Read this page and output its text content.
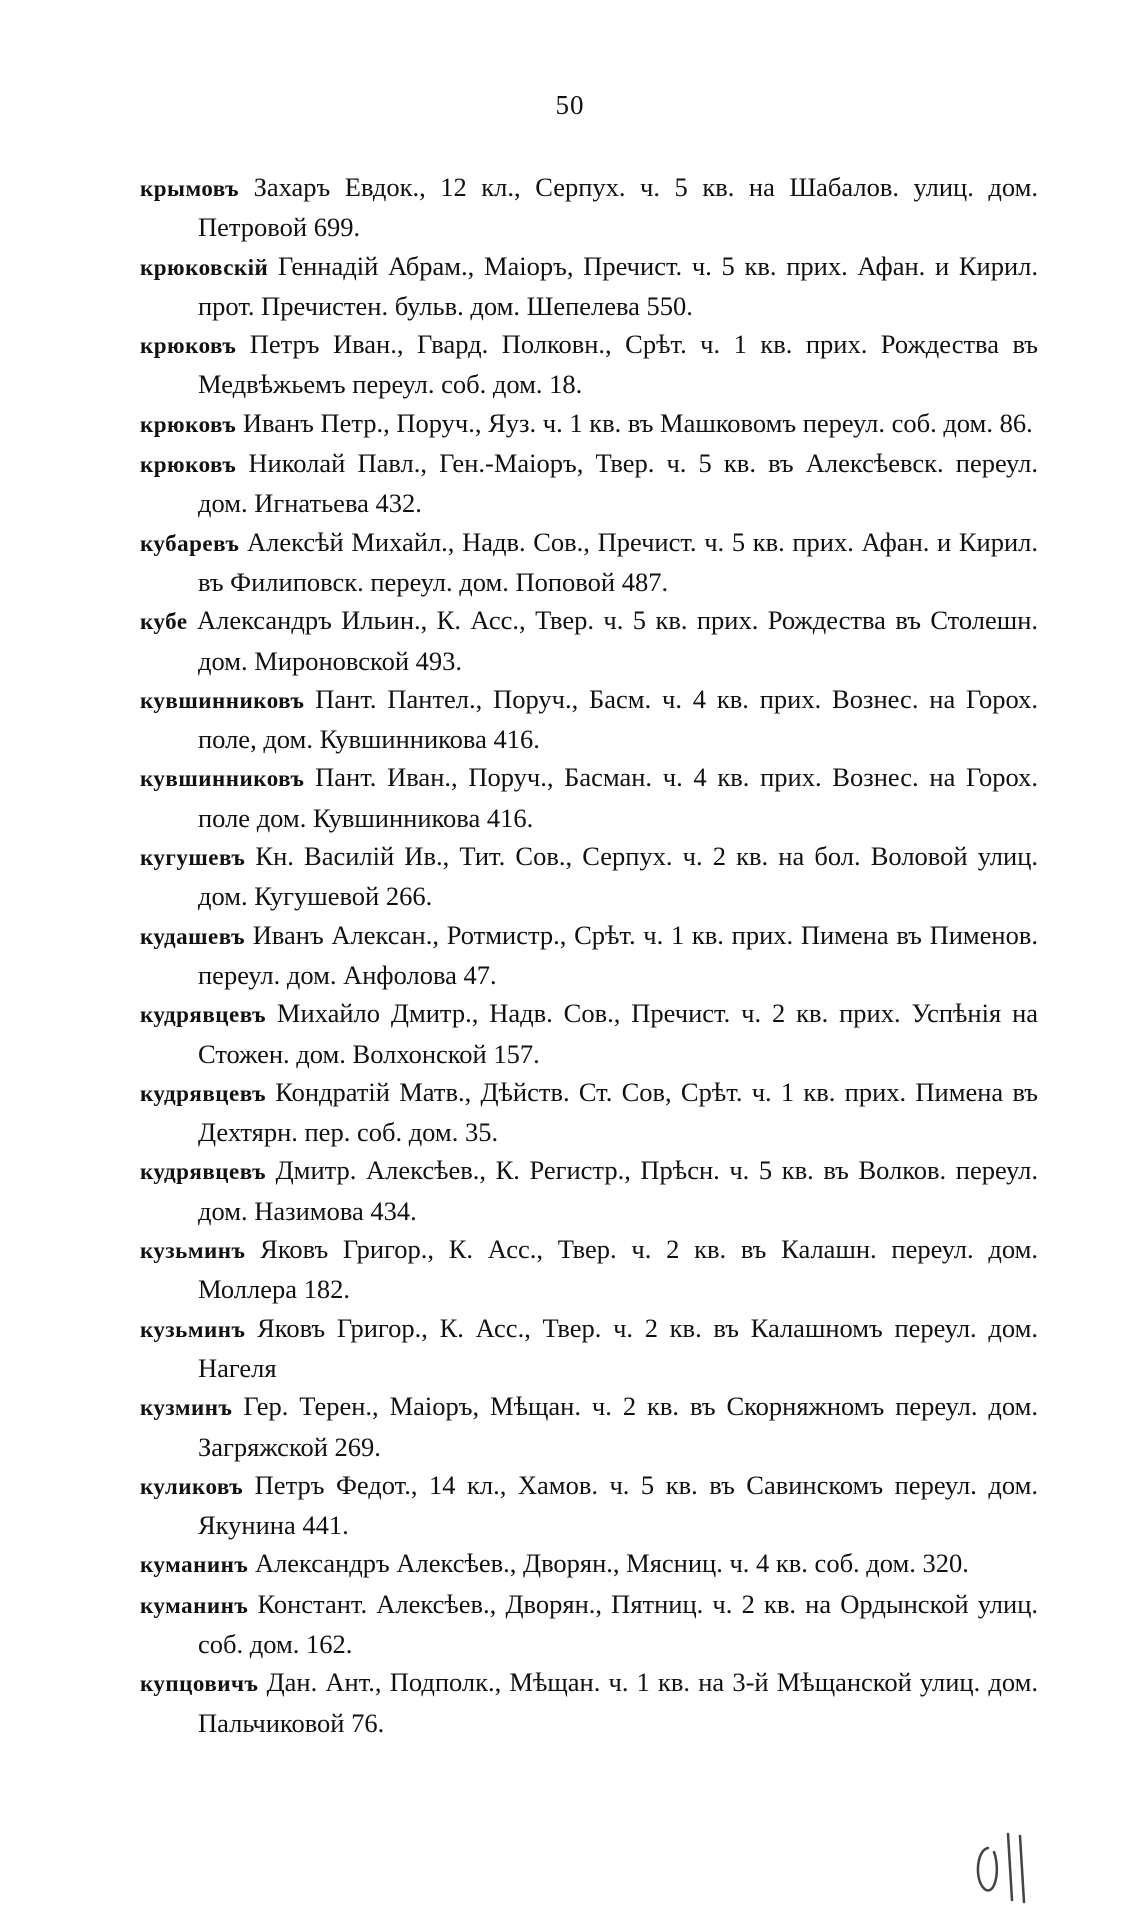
50
крымовъ Захаръ Евдок., 12 кл., Серпух. ч. 5 кв. на Шабалов. улиц. дом. Петровой 699.
крюковскій Геннадій Абрам., Маіоръ, Пречист. ч. 5 кв. прих. Афан. и Кирил. прот. Пречистен. бульв. дом. Шепелева 550.
крюковъ Петръ Иван., Гвард. Полковн., Срѣт. ч. 1 кв. прих. Рождества въ Медвѣжьемъ переул. соб. дом. 18.
крюковъ Иванъ Петр., Поруч., Яуз. ч. 1 кв. въ Машковомъ переул. соб. дом. 86.
крюковъ Николай Павл., Ген.-Маіоръ, Твер. ч. 5 кв. въ Алексѣевск. переул. дом. Игнатьева 432.
кубаревъ Алексѣй Михайл., Надв. Сов., Пречист. ч. 5 кв. прих. Афан. и Кирил. въ Филиповск. переул. дом. Поповой 487.
кубе Александръ Ильин., К. Асс., Твер. ч. 5 кв. прих. Рождества въ Столешн. дом. Мироновской 493.
кувшинниковъ Пант. Пантел., Поруч., Басм. ч. 4 кв. прих. Вознес. на Горох. поле, дом. Кувшинникова 416.
кувшинниковъ Пант. Иван., Поруч., Басман. ч. 4 кв. прих. Вознес. на Горох. поле дом. Кувшинникова 416.
кугушевъ Кн. Василій Ив., Тит. Сов., Серпух. ч. 2 кв. на бол. Воловой улиц. дом. Кугушевой 266.
кудашевъ Иванъ Алексан., Ротмистр., Срѣт. ч. 1 кв. прих. Пимена въ Пименов. переул. дом. Анфолова 47.
кудрявцевъ Михайло Дмитр., Надв. Сов., Пречист. ч. 2 кв. прих. Успѣнія на Стожен. дом. Волхонской 157.
кудрявцевъ Кондратій Матв., Дѣйств. Ст. Сов, Срѣт. ч. 1 кв. прих. Пимена въ Дехтярн. пер. соб. дом. 35.
кудрявцевъ Дмитр. Алексѣев., К. Регистр., Прѣсн. ч. 5 кв. въ Волков. переул. дом. Назимова 434.
кузьминъ Яковъ Григор., К. Асс., Твер. ч. 2 кв. въ Калашн. переул. дом. Моллера 182.
кузьминъ Яковъ Григор., К. Асс., Твер. ч. 2 кв. въ Калашномъ переул. дом. Нагеля
кузминъ Гер. Терен., Маіоръ, Мѣщан. ч. 2 кв. въ Скорняжномъ переул. дом. Загряжской 269.
куликовъ Петръ Федот., 14 кл., Хамов. ч. 5 кв. въ Савинскомъ переул. дом. Якунина 441.
куманинъ Александръ Алексѣев., Дворян., Мясниц. ч. 4 кв. соб. дом. 320.
куманинъ Констант. Алексѣев., Дворян., Пятниц. ч. 2 кв. на Ордынской улиц. соб. дом. 162.
купцовичъ Дан. Ант., Подполк., Мѣщан. ч. 1 кв. на 3-й Мѣщанской улиц. дом. Пальчиковой 76.
